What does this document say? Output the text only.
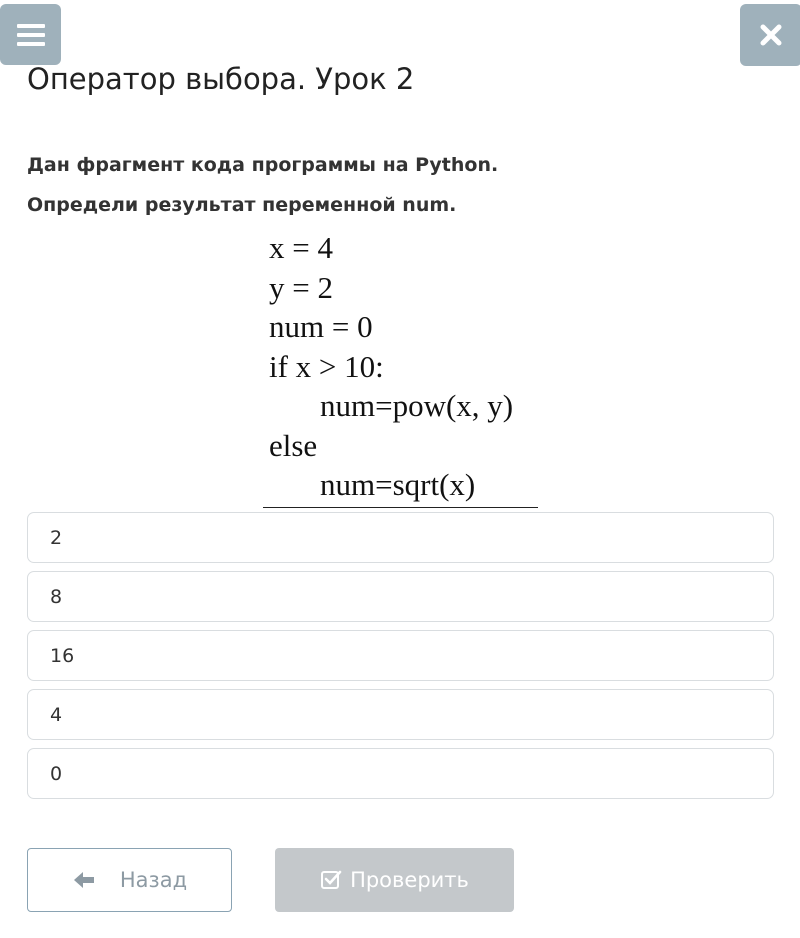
Оператор выбора. Урок 2

Дан фрагмент кода программы на Python.

Определи результат переменной num.

x = 4
y = 2
num = 0
if x > 10:
num=pow(x, y)
else
num=sqrt(x)
2
8
16
4
0
Назад	Проверить
